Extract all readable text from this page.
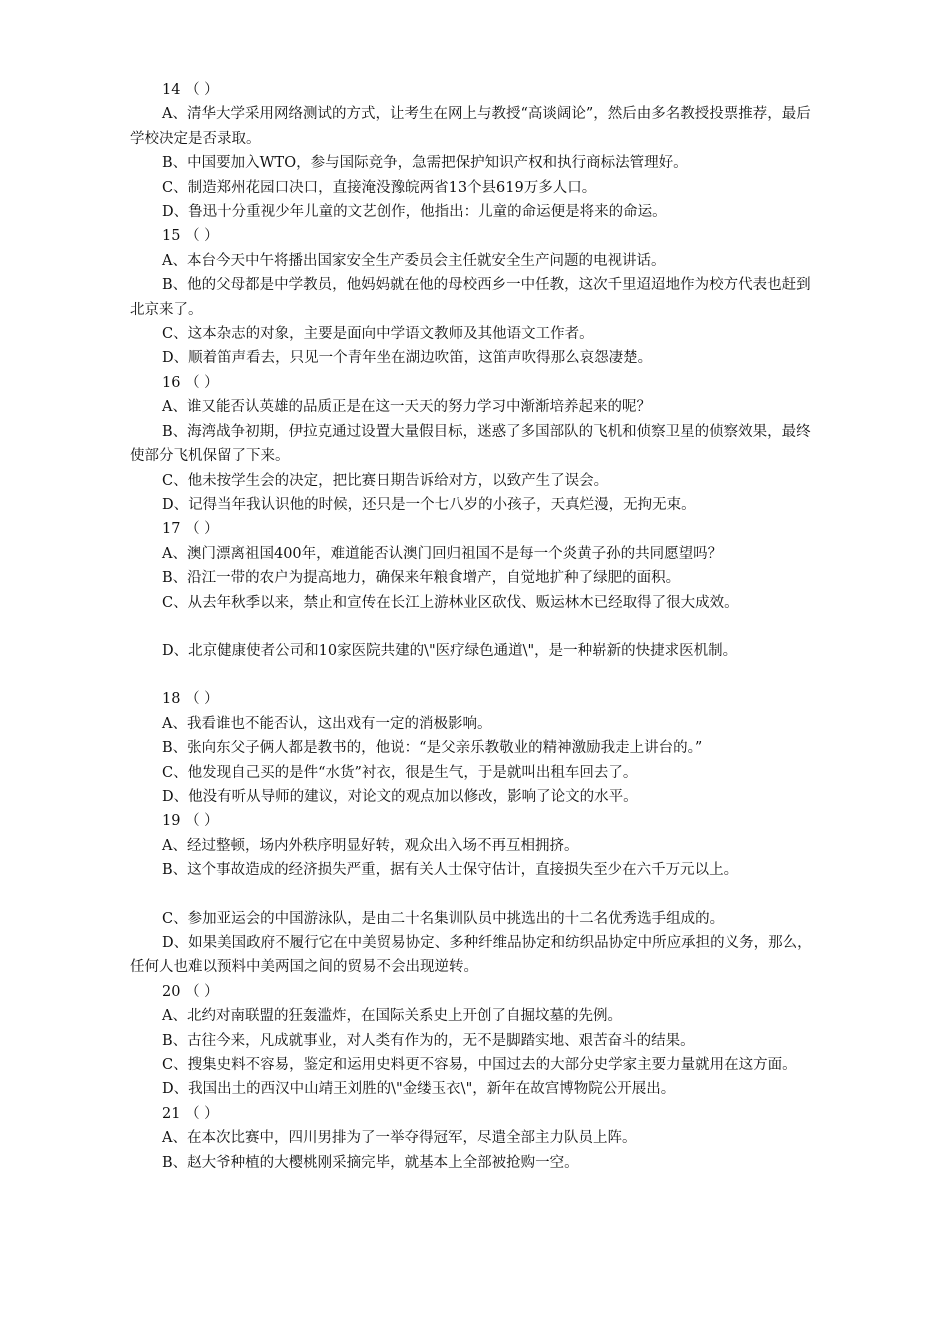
14 （ ）
A、清华大学采用网络测试的方式，让考生在网上与教授“高谈阔论”，然后由多名教授投票推荐，最后学校决定是否录取。
B、中国要加入WTO，参与国际竞争，急需把保护知识产权和执行商标法管理好。
C、制造郑州花园口决口，直接淹没豫皖两省13个县619万多人口。
D、鲁迅十分重视少年儿童的文艺创作，他指出：儿童的命运便是将来的命运。
15 （ ）
A、本台今天中午将播出国家安全生产委员会主任就安全生产问题的电视讲话。
B、他的父母都是中学教员，他妈妈就在他的母校西乡一中任教，这次千里迢迢地作为校方代表也赶到北京来了。
C、这本杂志的对象，主要是面向中学语文教师及其他语文工作者。
D、顺着笛声看去，只见一个青年坐在湖边吹笛，这笛声吹得那么哀怨凄楚。
16 （ ）
A、谁又能否认英雄的品质正是在这一天天的努力学习中渐渐培养起来的呢？
B、海湾战争初期，伊拉克通过设置大量假目标，迷惑了多国部队的飞机和侦察卫星的侦察效果，最终使部分飞机保留了下来。
C、他未按学生会的决定，把比赛日期告诉给对方，以致产生了误会。
D、记得当年我认识他的时候，还只是一个七八岁的小孩子，天真烂漫，无拘无束。
17 （ ）
A、澳门漂离祖国400年，难道能否认澳门回归祖国不是每一个炎黄子孙的共同愿望吗？
B、沿江一带的农户为提高地力，确保来年粮食增产，自觉地扩种了绿肥的面积。
C、从去年秋季以来，禁止和宣传在长江上游林业区砍伐、贩运林木已经取得了很大成效。
D、北京健康使者公司和10家医院共建的\"医疗绿色通道\"，是一种崭新的快捷求医机制。
18 （ ）
A、我看谁也不能否认，这出戏有一定的消极影响。
B、张向东父子俩人都是教书的，他说：“是父亲乐教敬业的精神激励我走上讲台的。”
C、他发现自己买的是件“水货”衬衣，很是生气，于是就叫出租车回去了。
D、他没有听从导师的建议，对论文的观点加以修改，影响了论文的水平。
19 （ ）
A、经过整顿，场内外秩序明显好转，观众出入场不再互相拥挤。
B、这个事故造成的经济损失严重，据有关人士保守估计，直接损失至少在六千万元以上。
C、参加亚运会的中国游泳队，是由二十名集训队员中挑选出的十二名优秀选手组成的。
D、如果美国政府不履行它在中美贸易协定、多种纤维品协定和纺织品协定中所应承担的义务，那么，任何人也难以预料中美两国之间的贸易不会出现逆转。
20 （ ）
A、北约对南联盟的狂轰滥炸，在国际关系史上开创了自掘坟墓的先例。
B、古往今来，凡成就事业，对人类有作为的，无不是脚踏实地、艰苦奋斗的结果。
C、搜集史料不容易，鉴定和运用史料更不容易，中国过去的大部分史学家主要力量就用在这方面。
D、我国出土的西汉中山靖王刘胜的\"金缕玉衣\"，新年在故宫博物院公开展出。
21 （ ）
A、在本次比赛中，四川男排为了一举夺得冠军，尽遣全部主力队员上阵。
B、赵大爷种植的大樱桃刚采摘完毕，就基本上全部被抢购一空。
